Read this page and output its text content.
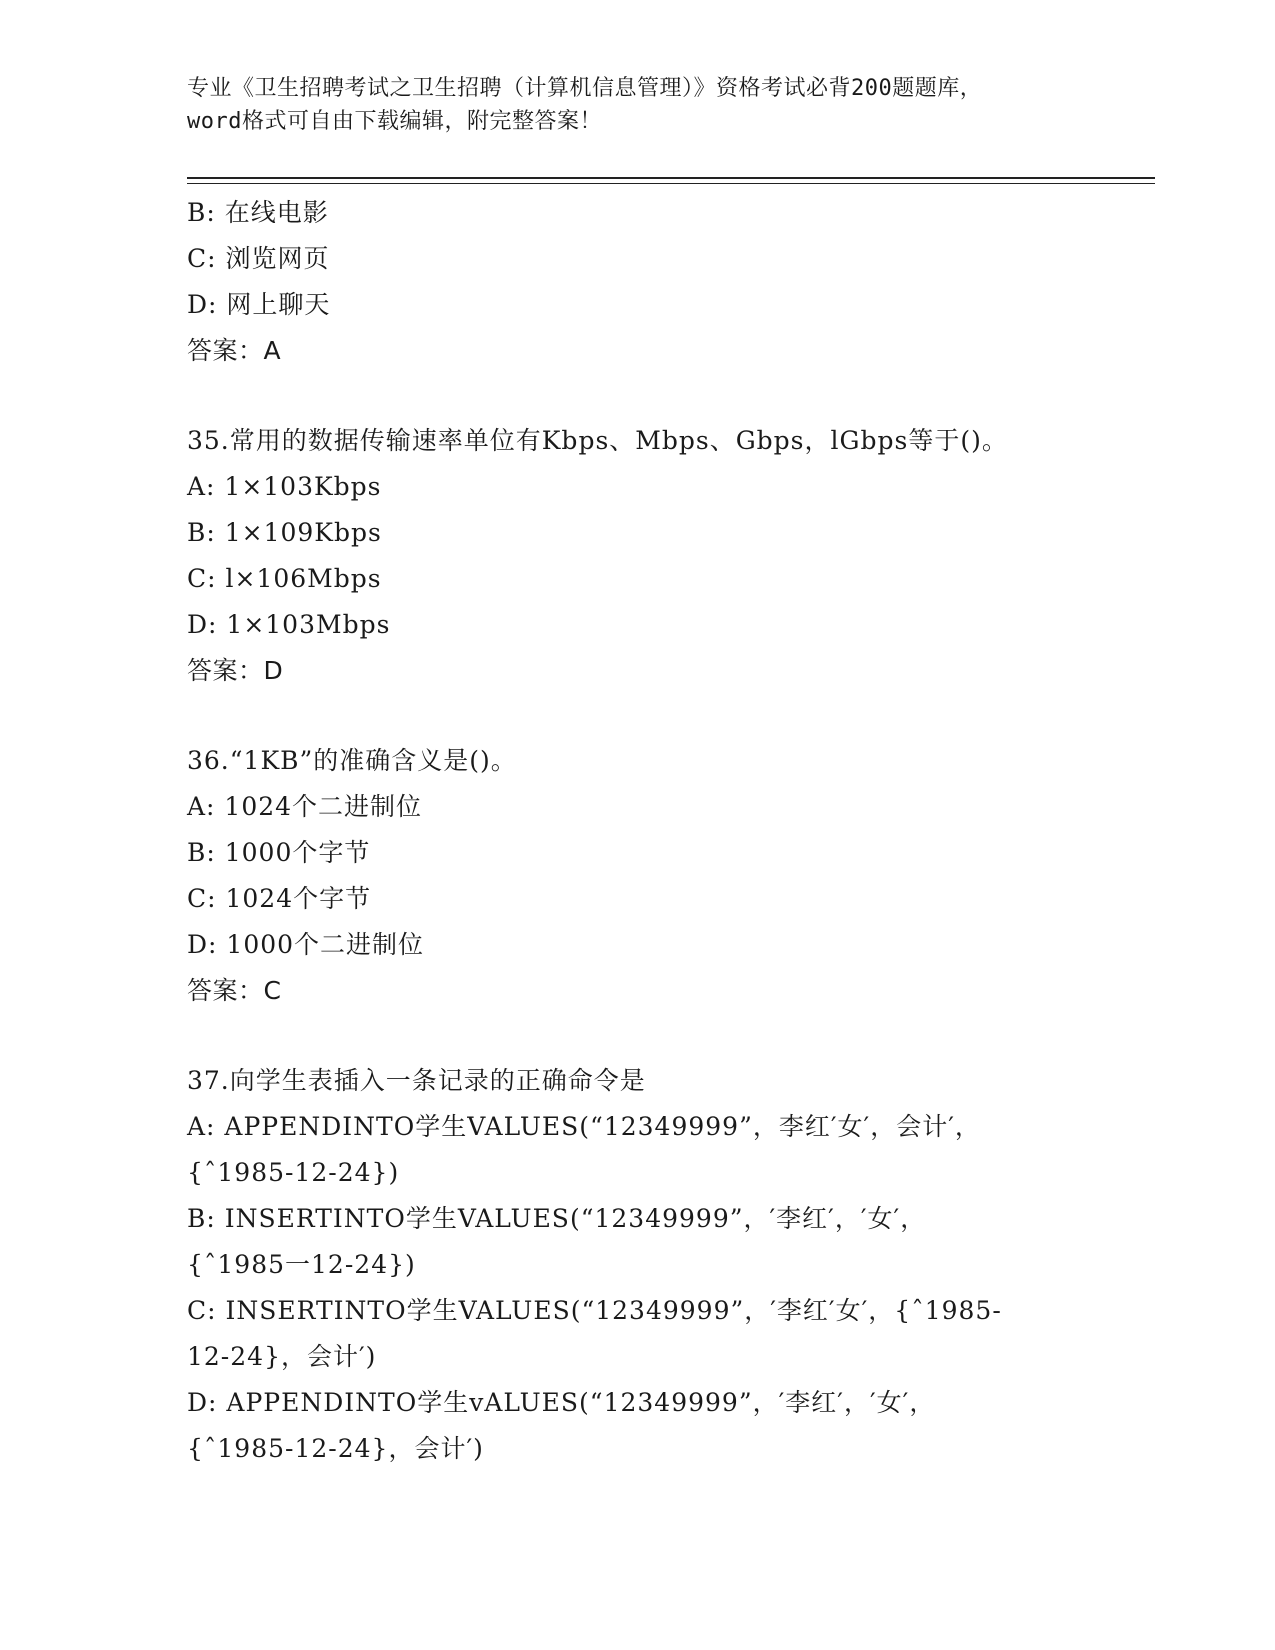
专业《卫生招聘考试之卫生招聘（计算机信息管理）》资格考试必背200题题库，
word格式可自由下载编辑，附完整答案！
B: 在线电影
C: 浏览网页
D: 网上聊天
答案：A
35.常用的数据传输速率单位有Kbps、Mbps、Gbps，lGbps等于()。
A: 1×103Kbps
B: 1×109Kbps
C: l×106Mbps
D: 1×103Mbps
答案：D
36.“1KB”的准确含义是()。
A: 1024个二进制位
B: 1000个字节
C: 1024个字节
D: 1000个二进制位
答案：C
37.向学生表插入一条记录的正确命令是
A: APPENDINTO学生VALUES(“12349999”，李红′女′，会计′，
{ˆ1985-12-24})
B: INSERTINTO学生VALUES(“12349999”，′李红′，′女′，
{ˆ1985一12-24})
C: INSERTINTO学生VALUES(“12349999”，′李红′女′，{ˆ1985-
12-24}，会计′)
D: APPENDINTO学生vALUES(“12349999”，′李红′，′女′，
{ˆ1985-12-24}，会计′)
